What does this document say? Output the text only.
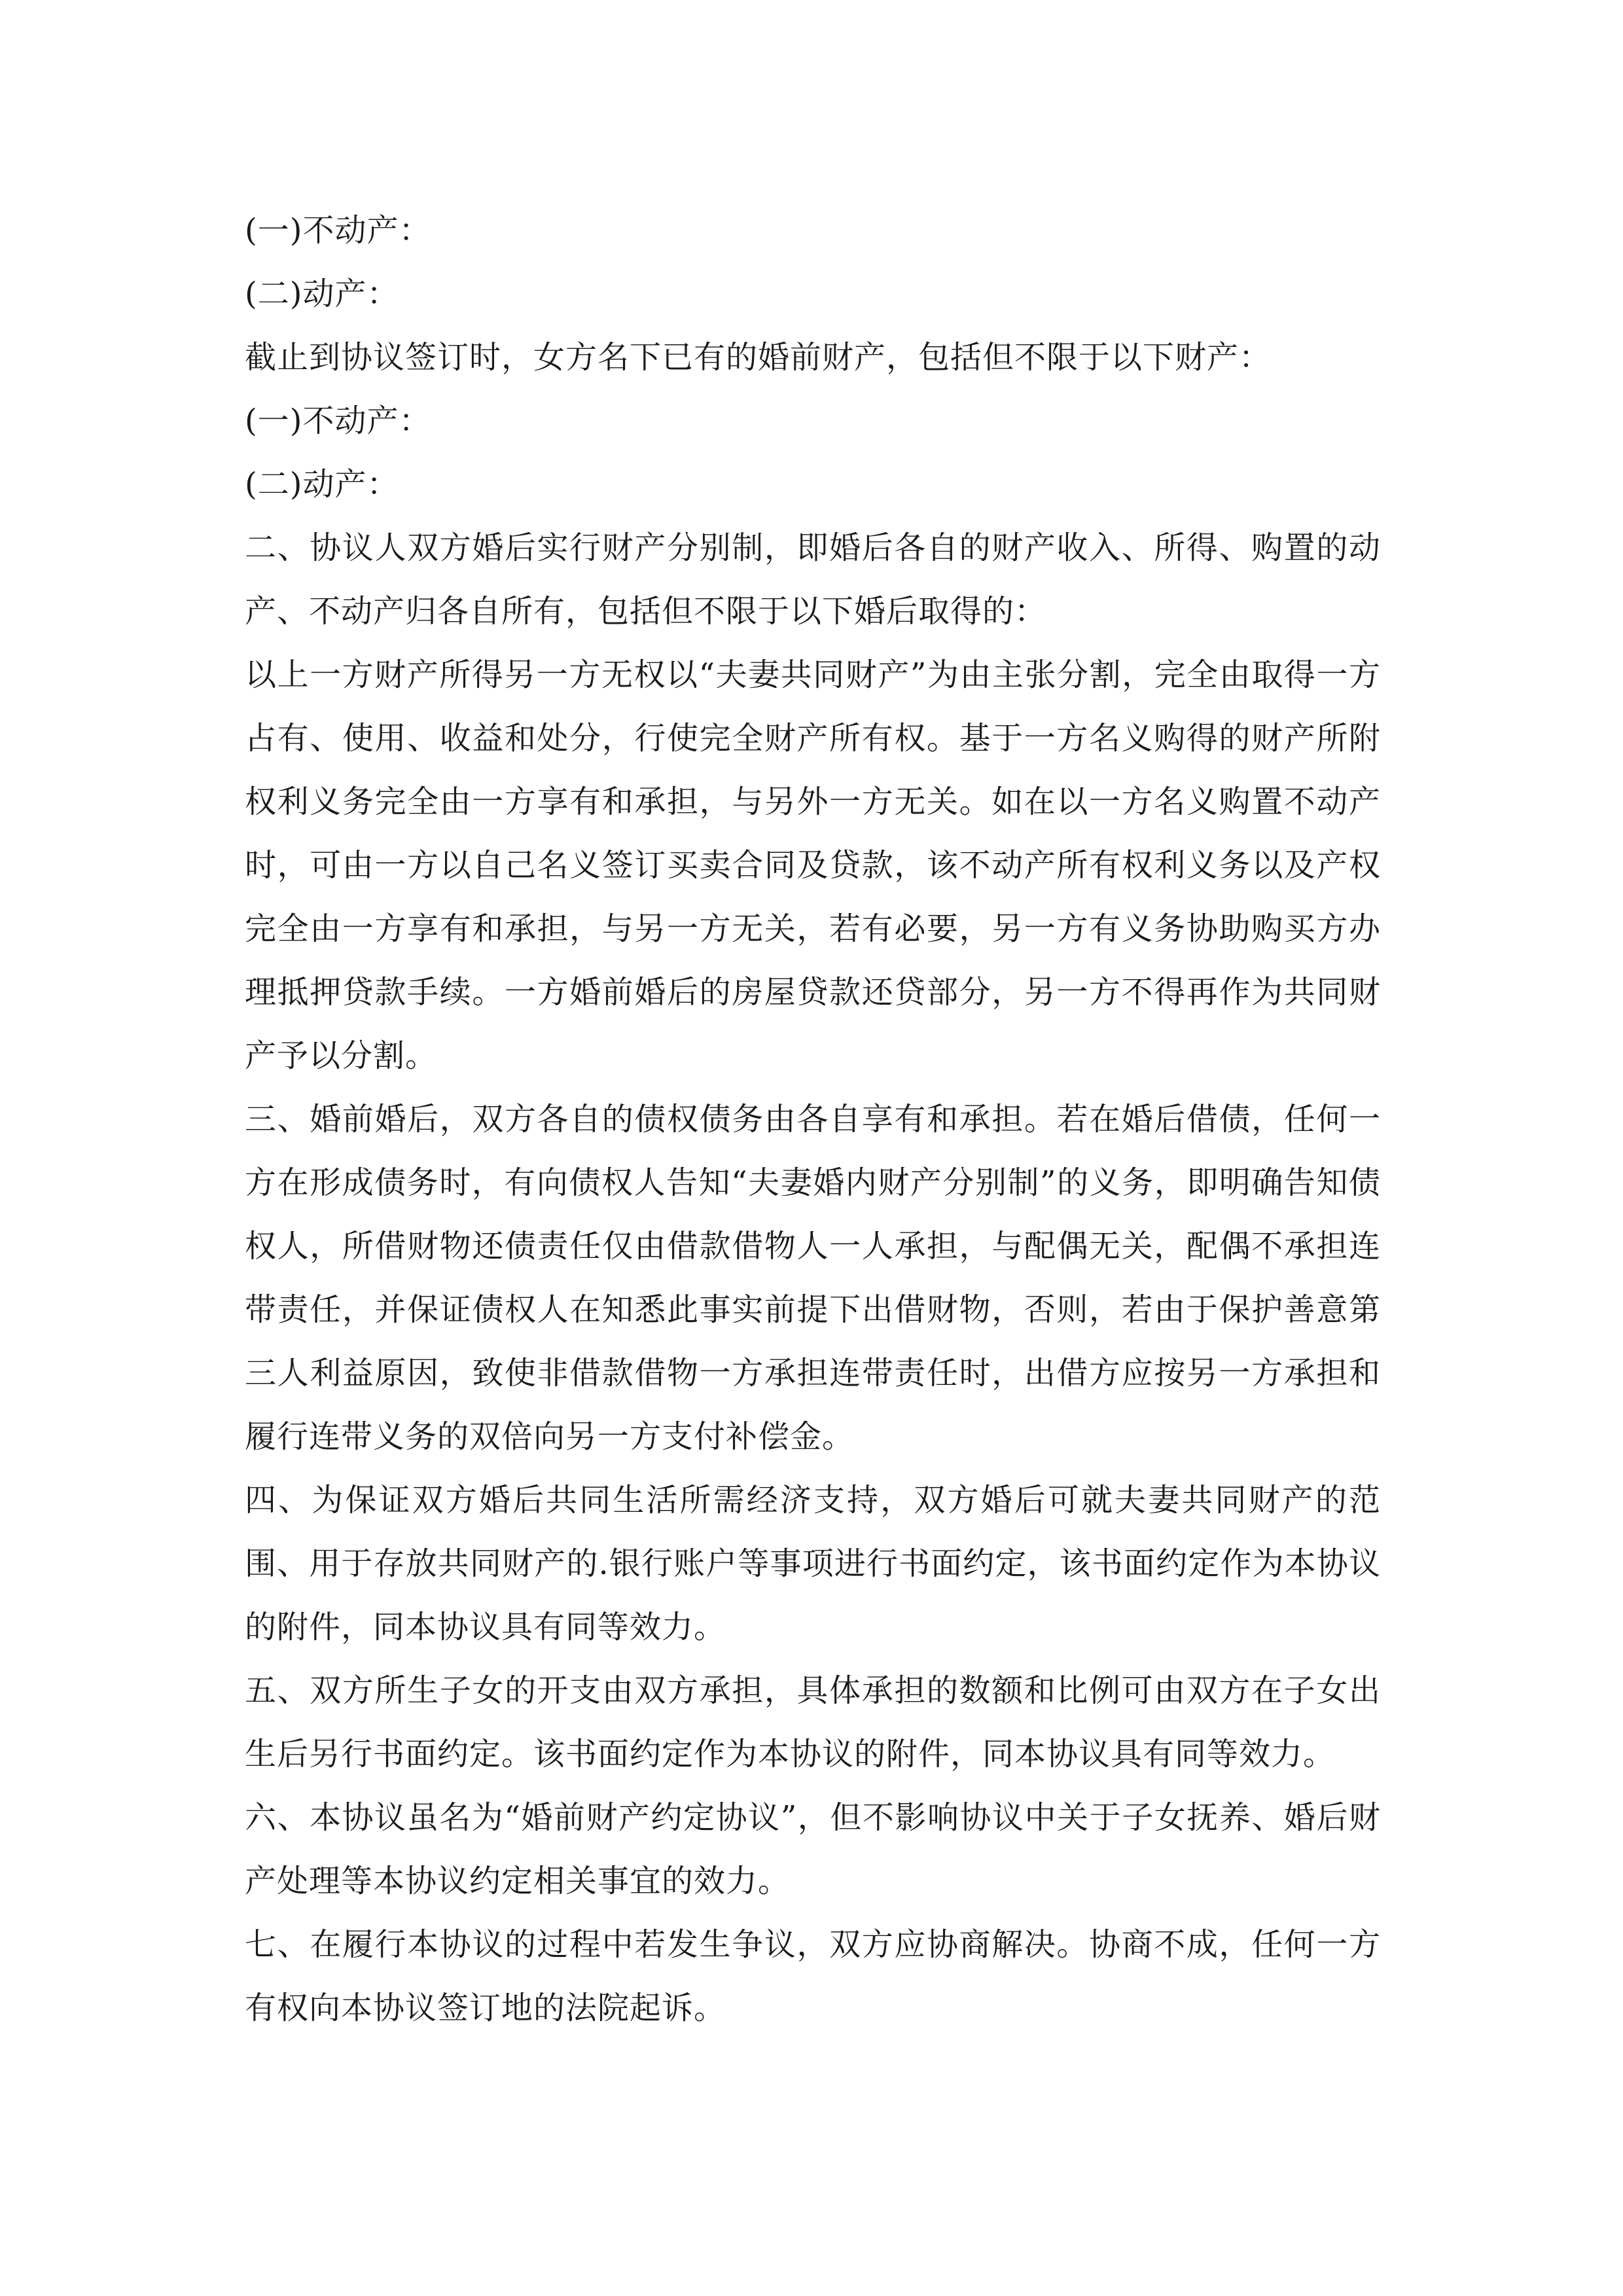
(一)不动产：

(二)动产：

截止到协议签订时，女方名下已有的婚前财产，包括但不限于以下财产：

(一)不动产：

(二)动产：

二、协议人双方婚后实行财产分别制，即婚后各自的财产收入、所得、购置的动产、不动产归各自所有，包括但不限于以下婚后取得的：

以上一方财产所得另一方无权以“夫妻共同财产”为由主张分割，完全由取得一方占有、使用、收益和处分，行使完全财产所有权。基于一方名义购得的财产所附权利义务完全由一方享有和承担，与另外一方无关。如在以一方名义购置不动产时，可由一方以自己名义签订买卖合同及贷款，该不动产所有权利义务以及产权完全由一方享有和承担，与另一方无关，若有必要，另一方有义务协助购买方办理抵押贷款手续。一方婚前婚后的房屋贷款还贷部分，另一方不得再作为共同财产予以分割。

三、婚前婚后，双方各自的债权债务由各自享有和承担。若在婚后借债，任何一方在形成债务时，有向债权人告知“夫妻婚内财产分别制”的义务，即明确告知债权人，所借财物还债责任仅由借款借物人一人承担，与配偶无关，配偶不承担连带责任，并保证债权人在知悉此事实前提下出借财物，否则，若由于保护善意第三人利益原因，致使非借款借物一方承担连带责任时，出借方应按另一方承担和履行连带义务的双倍向另一方支付补偿金。

四、为保证双方婚后共同生活所需经济支持，双方婚后可就夫妻共同财产的范围、用于存放共同财产的.银行账户等事项进行书面约定，该书面约定作为本协议的附件，同本协议具有同等效力。

五、双方所生子女的开支由双方承担，具体承担的数额和比例可由双方在子女出生后另行书面约定。该书面约定作为本协议的附件，同本协议具有同等效力。

六、本协议虽名为“婚前财产约定协议”，但不影响协议中关于子女抚养、婚后财产处理等本协议约定相关事宜的效力。

七、在履行本协议的过程中若发生争议，双方应协商解决。协商不成，任何一方有权向本协议签订地的法院起诉。
